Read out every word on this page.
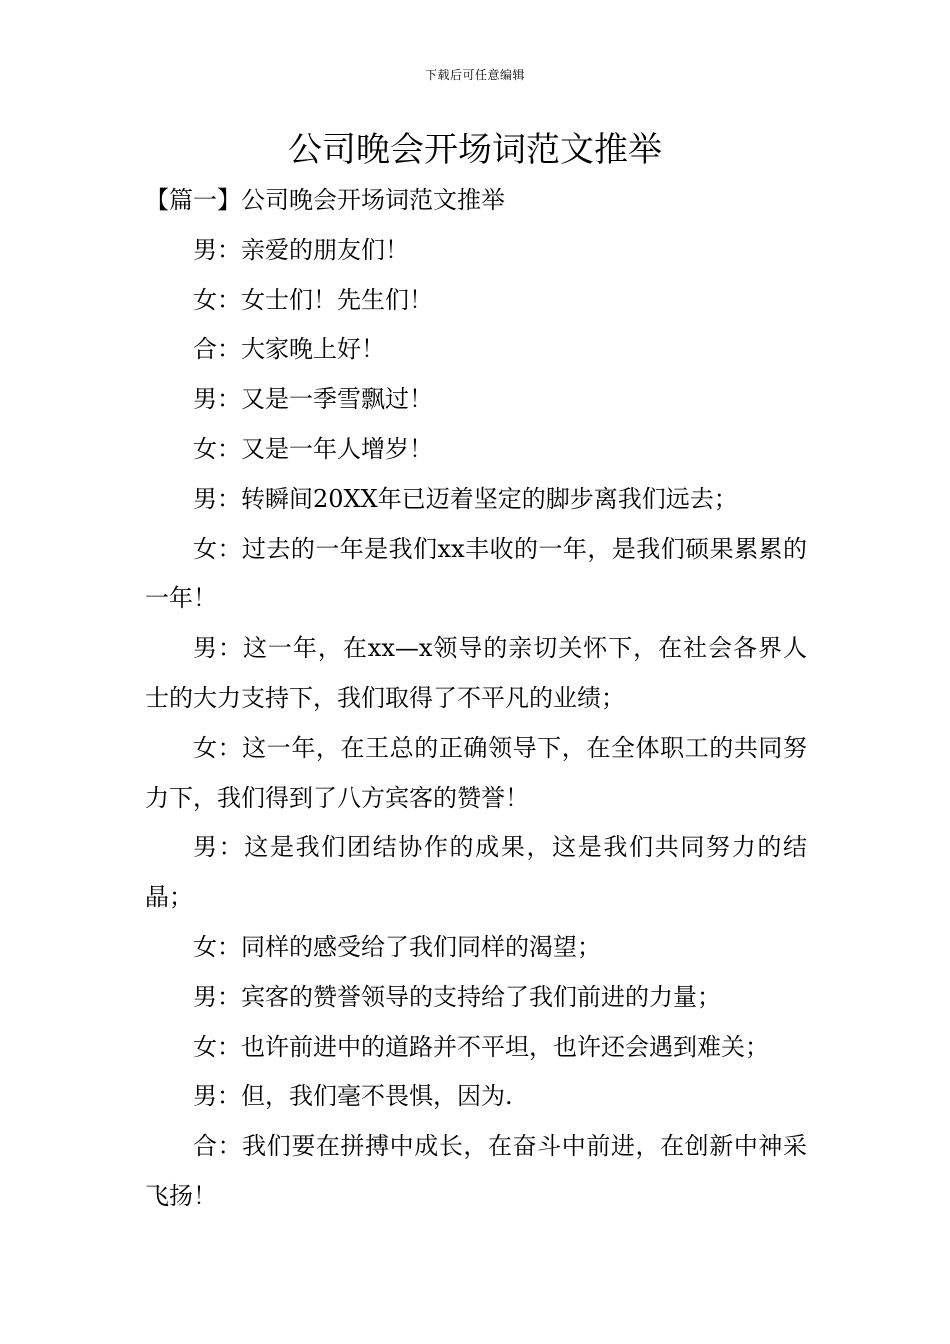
下载后可任意编辑
公司晚会开场词范文推举

【篇一】公司晚会开场词范文推举

男：亲爱的朋友们！

女：女士们！先生们！

合：大家晚上好！

男：又是一季雪飘过！

女：又是一年人增岁！

男：转瞬间20XX年已迈着坚定的脚步离我们远去；

女：过去的一年是我们xx丰收的一年，是我们硕果累累的一年！

男：这一年，在xx—x领导的亲切关怀下，在社会各界人士的大力支持下，我们取得了不平凡的业绩；

女：这一年，在王总的正确领导下，在全体职工的共同努力下，我们得到了八方宾客的赞誉！

男：这是我们团结协作的成果，这是我们共同努力的结晶；

女：同样的感受给了我们同样的渴望；

男：宾客的赞誉领导的支持给了我们前进的力量；

女：也许前进中的道路并不平坦，也许还会遇到难关；

男：但，我们毫不畏惧，因为.

合：我们要在拼搏中成长，在奋斗中前进，在创新中神采飞扬！
